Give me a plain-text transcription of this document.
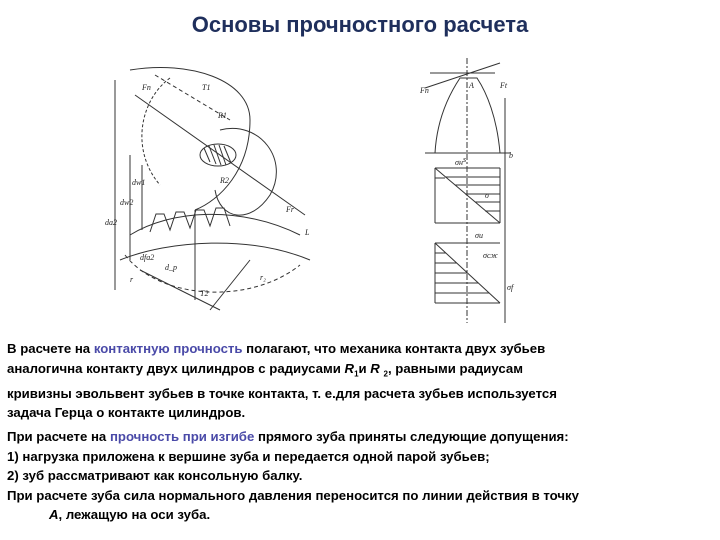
Основы прочностного расчета
T1
T2
R1
R2
Fn
Fr
dw1
dw2
da2
dfa2
d_p
r	r₂
L
Fn
Ft
σ
σн
σи
σсж
σf
b
s
A

В расчете на контактную прочность полагают, что механика контакта двух зубьев

аналогична контакту двух цилиндров с радиусами $R_1и$ R $_2$, равными радиусам

кривизны эвольвент зубьев в точке контакта, т. е.для расчета зубьев используется

задача Герца о контакте цилиндров.

При расчете на прочность при изгибе прямого зуба приняты следующие допущения:

1) нагрузка приложена к вершине зуба и передается одной парой зубьев;

2) зуб рассматривают как консольную балку.

При расчете зуба сила нормального давления переносится по линии действия в точку

A, лежащую на оси зуба.
